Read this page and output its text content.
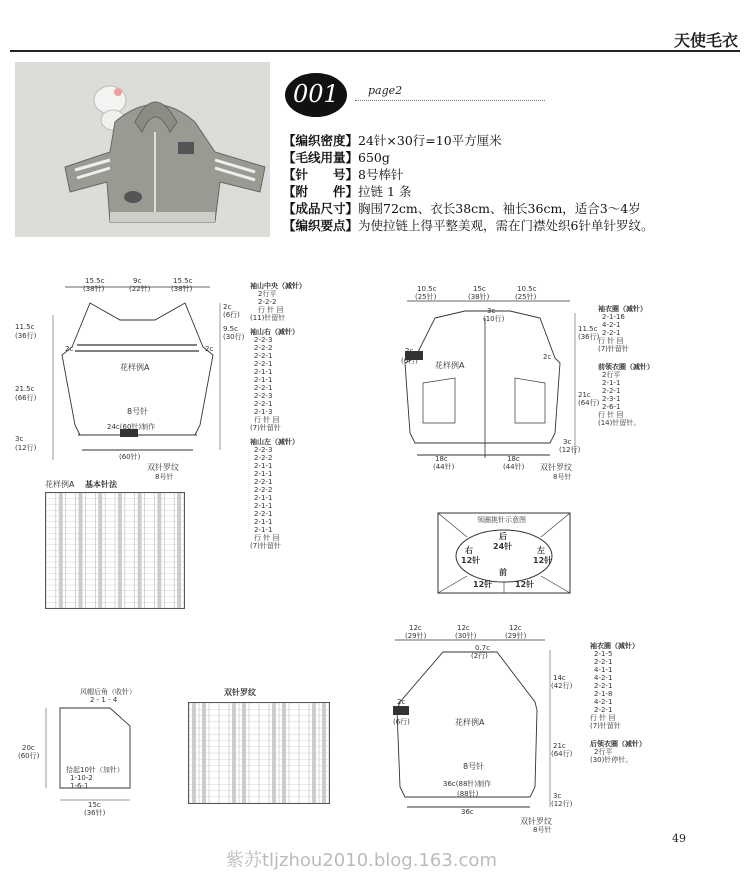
天使毛衣
001	page2
【编织密度】24针×30行=10平方厘米
【毛线用量】650g
【针　　号】8号棒针
【附　　件】拉链 1 条
【成品尺寸】胸围72cm、衣长38cm、袖长36cm，适合3～4岁
【编织要点】为使拉链上得平整美观，需在门襟处织6针单针罗纹。
15.5c
(38针)
9c
(22针)
15.5c
(38针)
11.5c
(36行)
21.5c
(66行)
3c
(12行)
2c
(6行)
9.5c
(30行)
2c	2c
花样例A
8号针
24c(60针)制作
(60针)
双针罗纹
8号针
袖山中央（减针）
2行平
2-2-2
行 针 回
(11)针留针
袖山右（减针）
2-2-3
2-2-2
2-2-1
2-2-1
2-1-1
2-1-1
2-2-1
2-2-3
2-2-1
2-1-3
行 针 回
(7)针留针
袖山左（减针）
2-2-3
2-2-2
2-1-1
2-1-1
2-2-1
2-2-2
2-1-1
2-1-1
2-2-1
2-1-1
2-1-1
行 针 回
(7)针留针
10.5c
(25针)
15c
(38针)
10.5c
(25针)
3c
(10行)
2c
(6行)	2c
花样例A
11.5c
(36行)
21c
(64行)
3c
(12行)
18c
(44针)
18c
(44针) 双针罗纹
8号针
袖衣圈（减针）
2-1-16
4-2-1
2-2-1
行 针 回
(7)针留针
前领衣圈（减针）
2行平
2-1-1
2-2-1
2-3-1
2-6-1
行 针 回
(14)针留针。
领圈挑针示意图
后
24针
右
12针
左
12针
前
12针	12针
花样例A 基本针法
12c
(29针)
12c
(30针)
12c
(29针)
0.7c
(2行)
2c
(6行)	花样例A
8号针
36c(88针)制作
(88针)
36c
14c
(42行)
21c
(64行)
3c
(12行)
双针罗纹
8号针
袖衣圈（减针）
2-1-5
2-2-1
4-1-1
4-2-1
2-2-1
2-1-8
4-2-1
2-2-1
行 针 回
(7)针留针
后领衣圈（减针）
2行平
(30)针停针。
风帽后角（收针）
2 - 1 - 4
20c
(60行)
拾起10针（加针）
1-10-2
1-6-1
15c
(36针)
双针罗纹
49
紫苏tljzhou2010.blog.163.com
